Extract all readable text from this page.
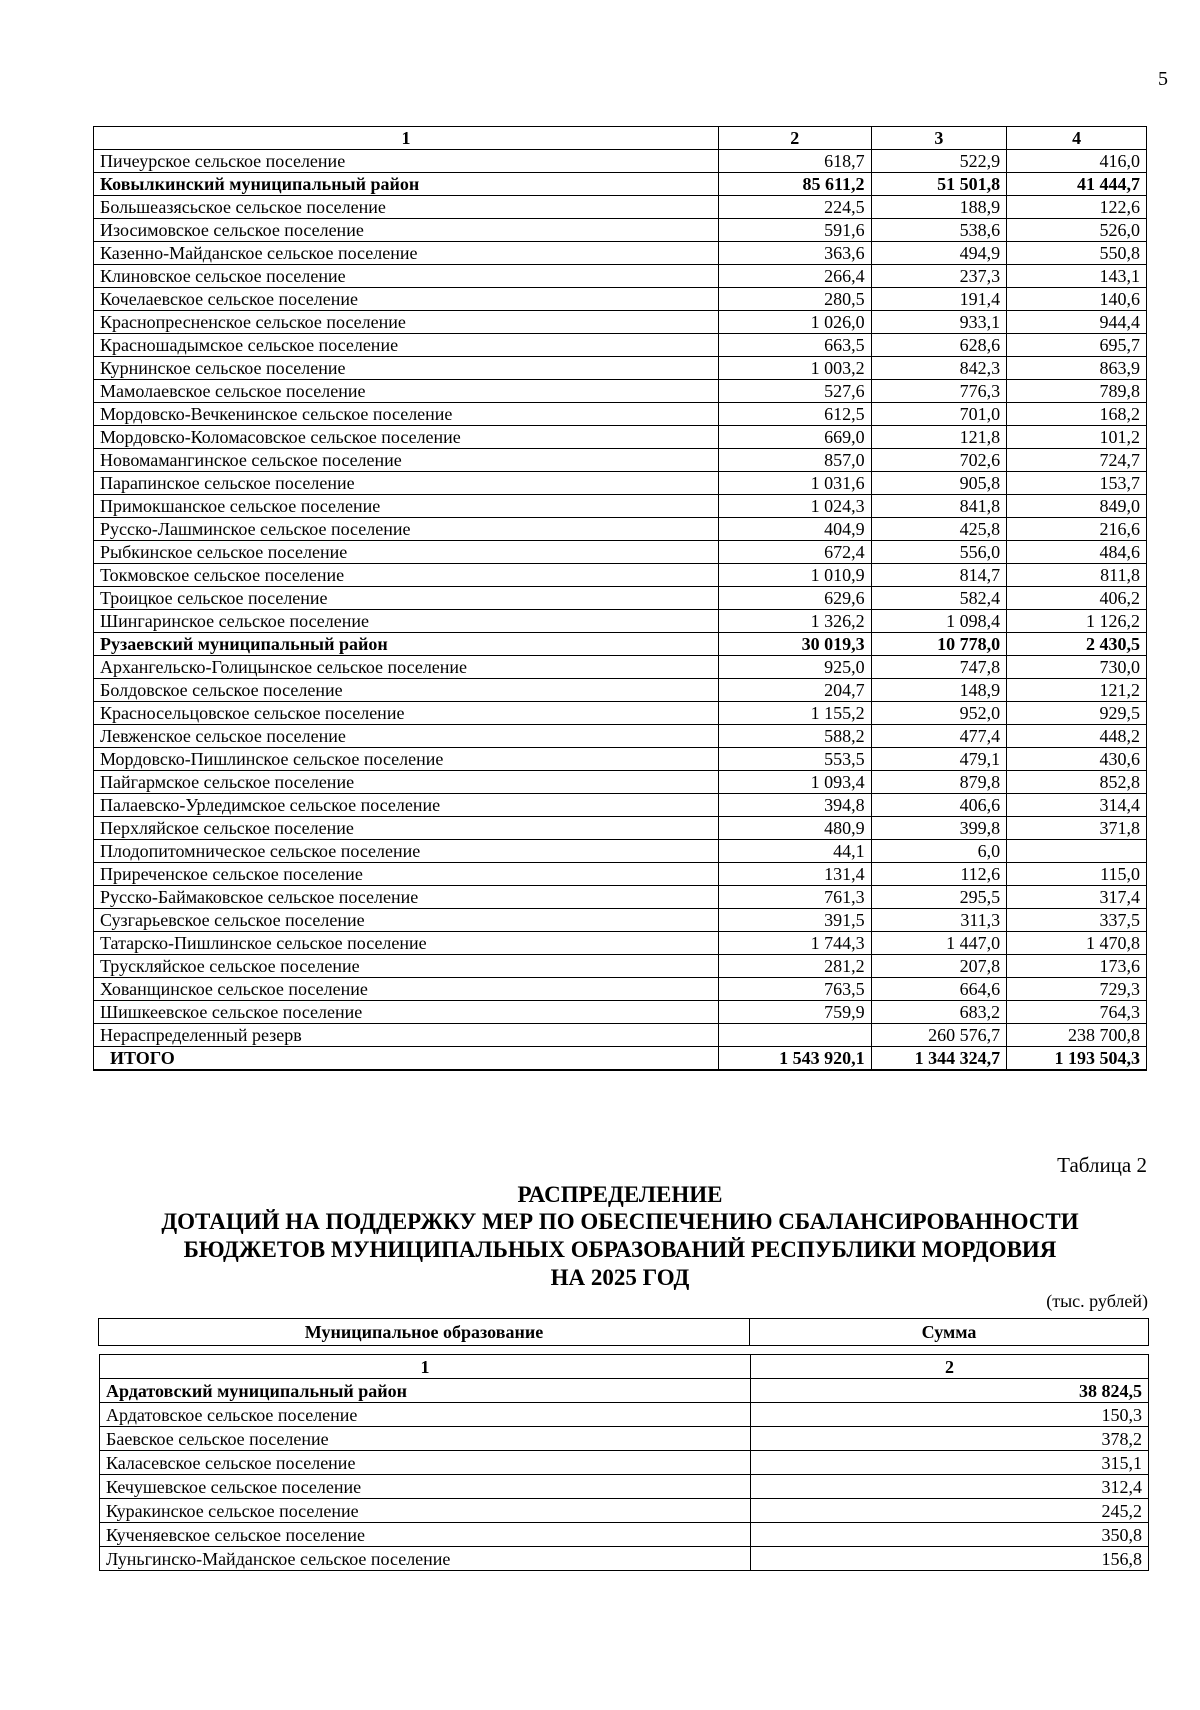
5
1	2	3	4
Пичеурское сельское поселение	618,7	522,9	416,0
Ковылкинский муниципальный район	85 611,2	51 501,8	41 444,7
Большеазясьское сельское поселение	224,5	188,9	122,6
Изосимовское сельское поселение	591,6	538,6	526,0
Казенно-Майданское сельское поселение	363,6	494,9	550,8
Клиновское сельское поселение	266,4	237,3	143,1
Кочелаевское сельское поселение	280,5	191,4	140,6
Краснопресненское сельское поселение	1 026,0	933,1	944,4
Красношадымское сельское поселение	663,5	628,6	695,7
Курнинское сельское поселение	1 003,2	842,3	863,9
Мамолаевское сельское поселение	527,6	776,3	789,8
Мордовско-Вечкенинское сельское поселение	612,5	701,0	168,2
Мордовско-Коломасовское сельское поселение	669,0	121,8	101,2
Новомамангинское сельское поселение	857,0	702,6	724,7
Парапинское сельское поселение	1 031,6	905,8	153,7
Примокшанское сельское поселение	1 024,3	841,8	849,0
Русско-Лашминское сельское поселение	404,9	425,8	216,6
Рыбкинское сельское поселение	672,4	556,0	484,6
Токмовское сельское поселение	1 010,9	814,7	811,8
Троицкое сельское поселение	629,6	582,4	406,2
Шингаринское сельское поселение	1 326,2	1 098,4	1 126,2
Рузаевский муниципальный район	30 019,3	10 778,0	2 430,5
Архангельско-Голицынское сельское поселение	925,0	747,8	730,0
Болдовское сельское поселение	204,7	148,9	121,2
Красносельцовское сельское поселение	1 155,2	952,0	929,5
Левженское сельское поселение	588,2	477,4	448,2
Мордовско-Пишлинское сельское поселение	553,5	479,1	430,6
Пайгармское сельское поселение	1 093,4	879,8	852,8
Палаевско-Урледимское сельское поселение	394,8	406,6	314,4
Перхляйское сельское поселение	480,9	399,8	371,8
Плодопитомническое сельское поселение	44,1	6,0	
Приреченское сельское поселение	131,4	112,6	115,0
Русско-Баймаковское сельское поселение	761,3	295,5	317,4
Сузгарьевское сельское поселение	391,5	311,3	337,5
Татарско-Пишлинское сельское поселение	1 744,3	1 447,0	1 470,8
Трускляйское сельское поселение	281,2	207,8	173,6
Хованщинское сельское поселение	763,5	664,6	729,3
Шишкеевское сельское поселение	759,9	683,2	764,3
Нераспределенный резерв		260 576,7	238 700,8
ИТОГО	1 543 920,1	1 344 324,7	1 193 504,3
Таблица 2
РАСПРЕДЕЛЕНИЕ
ДОТАЦИЙ НА ПОДДЕРЖКУ МЕР ПО ОБЕСПЕЧЕНИЮ СБАЛАНСИРОВАННОСТИ
БЮДЖЕТОВ МУНИЦИПАЛЬНЫХ ОБРАЗОВАНИЙ РЕСПУБЛИКИ МОРДОВИЯ
НА 2025 ГОД
(тыс. рублей)
Муниципальное образование	Сумма
1	2
Ардатовский муниципальный район	38 824,5
Ардатовское сельское поселение	150,3
Баевское сельское поселение	378,2
Каласевское сельское поселение	315,1
Кечушевское сельское поселение	312,4
Куракинское сельское поселение	245,2
Кученяевское сельское поселение	350,8
Луньгинско-Майданское сельское поселение	156,8
